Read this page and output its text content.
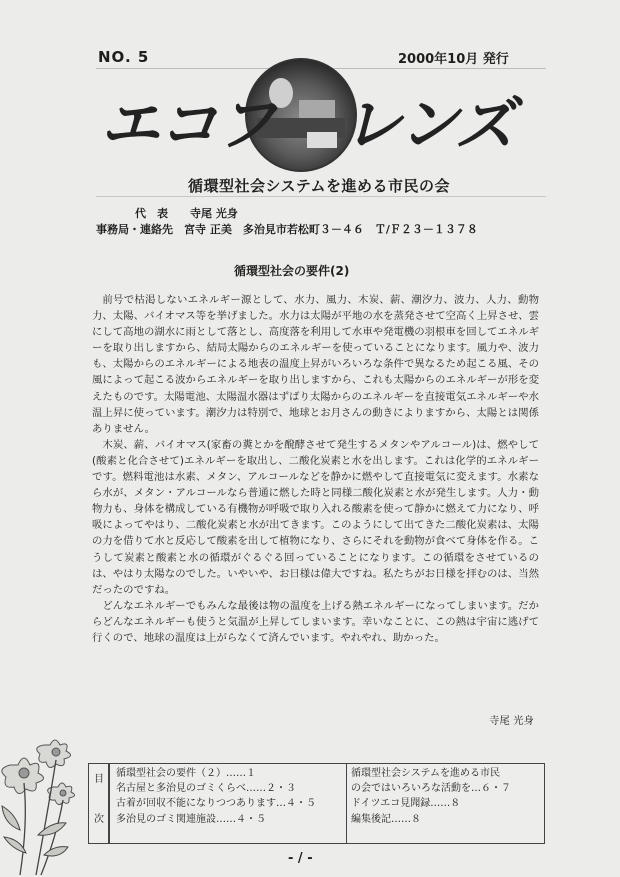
NO. 5	2000年10月 発行
エコフ レンズ
循環型社会システムを進める市民の会
代　表　　寺尾 光身
事務局・連絡先　宮寺 正美　多治見市若松町３－４６　Ｔ/Ｆ２３－１３７８
循環型社会の要件(2)

前号で枯渇しないエネルギー源として、水力、風力、木炭、薪、潮汐力、波力、人力、動物力、太陽、バイオマス等を挙げました。水力は太陽が平地の水を蒸発させて空高く上昇させ、雲にして高地の湖水に雨として落とし、高度落を利用して水車や発電機の羽根車を回してエネルギーを取り出しますから、結局太陽からのエネルギーを使っていることになります。風力や、波力も、太陽からのエネルギーによる地表の温度上昇がいろいろな条件で異なるため起こる風、その風によって起こる波からエネルギーを取り出しますから、これも太陽からのエネルギーが形を変えたものです。太陽電池、太陽温水器はずばり太陽からのエネルギーを直接電気エネルギーや水温上昇に使っています。潮汐力は特別で、地球とお月さんの動きによりますから、太陽とは関係ありません。

木炭、薪、バイオマス(家畜の糞とかを醗酵させて発生するメタンやアルコール)は、燃やして(酸素と化合させて)エネルギーを取出し、二酸化炭素と水を出します。これは化学的エネルギーです。燃料電池は水素、メタン、アルコールなどを静かに燃やして直接電気に変えます。水素なら水が、メタン・アルコールなら普通に燃した時と同様二酸化炭素と水が発生します。人力・動物力も、身体を構成している有機物が呼吸で取り入れる酸素を使って静かに燃えて力になり、呼吸によってやはり、二酸化炭素と水が出てきます。このようにして出てきた二酸化炭素は、太陽の力を借りて水と反応して酸素を出して植物になり、さらにそれを動物が食べて身体を作る。こうして炭素と酸素と水の循環がぐるぐる回っていることになります。この循環をさせているのは、やはり太陽なのでした。いやいや、お日様は偉大ですね。私たちがお日様を拝むのは、当然だったのですね。

どんなエネルギーでもみんな最後は物の温度を上げる熱エネルギーになってしまいます。だからどんなエネルギーも使うと気温が上昇してしまいます。幸いなことに、この熱は宇宙に逃げて行くので、地球の温度は上がらなくて済んでいます。やれやれ、助かった。

寺尾 光身
目
次
循環型社会の要件（２）……１
名古屋と多治見のゴミくらべ……２・３
古着が回収不能になりつつあります…４・５
多治見のゴミ関連施設……４・５
循環型社会システムを進める市民
の会ではいろいろな活動を…６・７
ドイツエコ見聞録……８
編集後記……８
- / -
